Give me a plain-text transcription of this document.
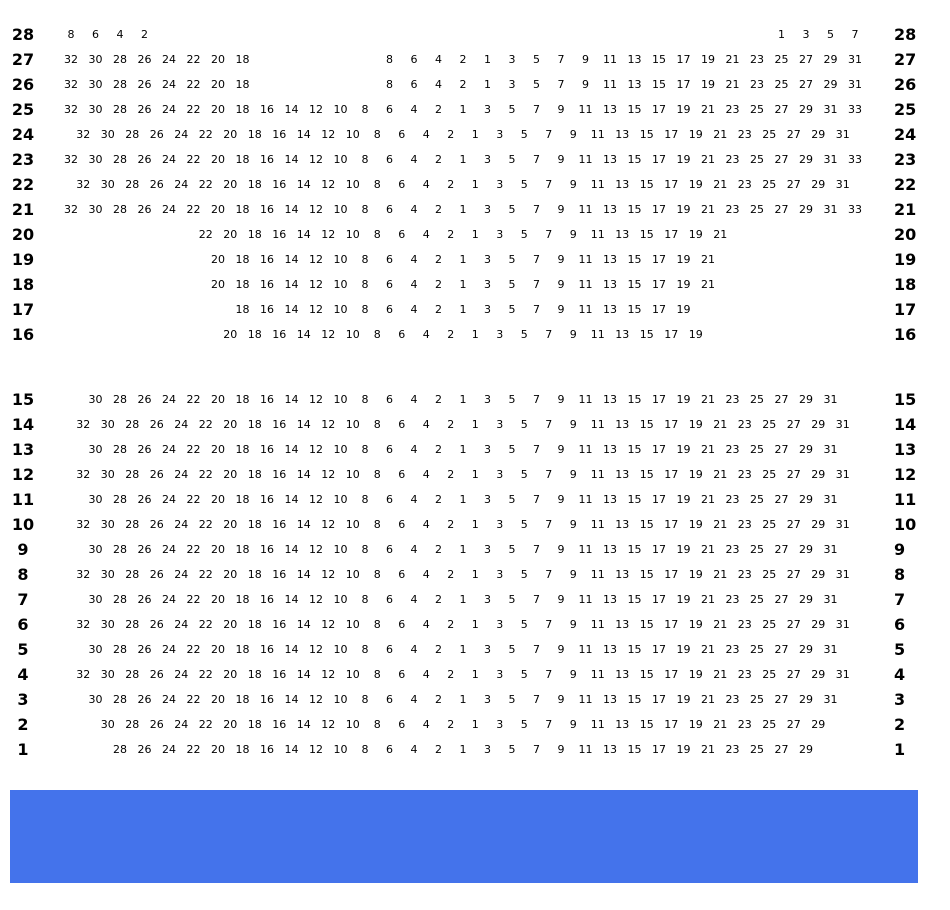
28	8	6	4	2	1	3	5	7	28
27	32 30 28 26 24 22 20 18	8	6	4	2	1	3	5	7	9	11 13 15 17 19 21 23 25 27 29 31	27
26	32 30 28 26 24 22 20 18	8	6	4	2	1	3	5	7	9	11 13 15 17 19 21 23 25 27 29 31	26
25	32 30 28 26 24 22 20 18 16 14 12 10	8	6	4	2	1	3	5	7	9	11 13 15 17 19 21 23 25 27 29 31 33	25
24	32 30 28 26 24 22 20 18 16 14 12 10	8	6	4	2	1	3	5	7	9	11 13 15 17 19 21 23 25 27 29 31	24
23	32 30 28 26 24 22 20 18 16 14 12 10	8	6	4	2	1	3	5	7	9	11 13 15 17 19 21 23 25 27 29 31 33	23
22	32 30 28 26 24 22 20 18 16 14 12 10	8	6	4	2	1	3	5	7	9	11 13 15 17 19 21 23 25 27 29 31	22
21	32 30 28 26 24 22 20 18 16 14 12 10	8	6	4	2	1	3	5	7	9	11 13 15 17 19 21 23 25 27 29 31 33	21
20	22 20 18 16 14 12 10	8	6	4	2	1	3	5	7	9	11 13 15 17 19 21	20
19	20 18 16 14 12 10	8	6	4	2	1	3	5	7	9	11 13 15 17 19 21	19
18	20 18 16 14 12 10	8	6	4	2	1	3	5	7	9	11 13 15 17 19 21	18
17	18 16 14 12 10	8	6	4	2	1	3	5	7	9	11 13 15 17 19	17
16	20 18 16 14 12 10	8	6	4	2	1	3	5	7	9	11 13 15 17 19	16
15	30 28 26 24 22 20 18 16 14 12 10	8	6	4	2	1	3	5	7	9	11 13 15 17 19 21 23 25 27 29 31	15
14	32 30 28 26 24 22 20 18 16 14 12 10	8	6	4	2	1	3	5	7	9	11 13 15 17 19 21 23 25 27 29 31	14
13	30 28 26 24 22 20 18 16 14 12 10	8	6	4	2	1	3	5	7	9	11 13 15 17 19 21 23 25 27 29 31	13
12	32 30 28 26 24 22 20 18 16 14 12 10	8	6	4	2	1	3	5	7	9	11 13 15 17 19 21 23 25 27 29 31	12
11	30 28 26 24 22 20 18 16 14 12 10	8	6	4	2	1	3	5	7	9	11 13 15 17 19 21 23 25 27 29 31	11
10	32 30 28 26 24 22 20 18 16 14 12 10	8	6	4	2	1	3	5	7	9	11 13 15 17 19 21 23 25 27 29 31	10
9	30 28 26 24 22 20 18 16 14 12 10	8	6	4	2	1	3	5	7	9	11 13 15 17 19 21 23 25 27 29 31	9
8	32 30 28 26 24 22 20 18 16 14 12 10	8	6	4	2	1	3	5	7	9	11 13 15 17 19 21 23 25 27 29 31	8
7	30 28 26 24 22 20 18 16 14 12 10	8	6	4	2	1	3	5	7	9	11 13 15 17 19 21 23 25 27 29 31	7
6	32 30 28 26 24 22 20 18 16 14 12 10	8	6	4	2	1	3	5	7	9	11 13 15 17 19 21 23 25 27 29 31	6
5	30 28 26 24 22 20 18 16 14 12 10	8	6	4	2	1	3	5	7	9	11 13 15 17 19 21 23 25 27 29 31	5
4	32 30 28 26 24 22 20 18 16 14 12 10	8	6	4	2	1	3	5	7	9	11 13 15 17 19 21 23 25 27 29 31	4
3	30 28 26 24 22 20 18 16 14 12 10	8	6	4	2	1	3	5	7	9	11 13 15 17 19 21 23 25 27 29 31	3
2	30 28 26 24 22 20 18 16 14 12 10	8	6	4	2	1	3	5	7	9	11 13 15 17 19 21 23 25 27 29	2
1	28 26 24 22 20 18 16 14 12 10	8	6	4	2	1	3	5	7	9	11 13 15 17 19 21 23 25 27 29	1
